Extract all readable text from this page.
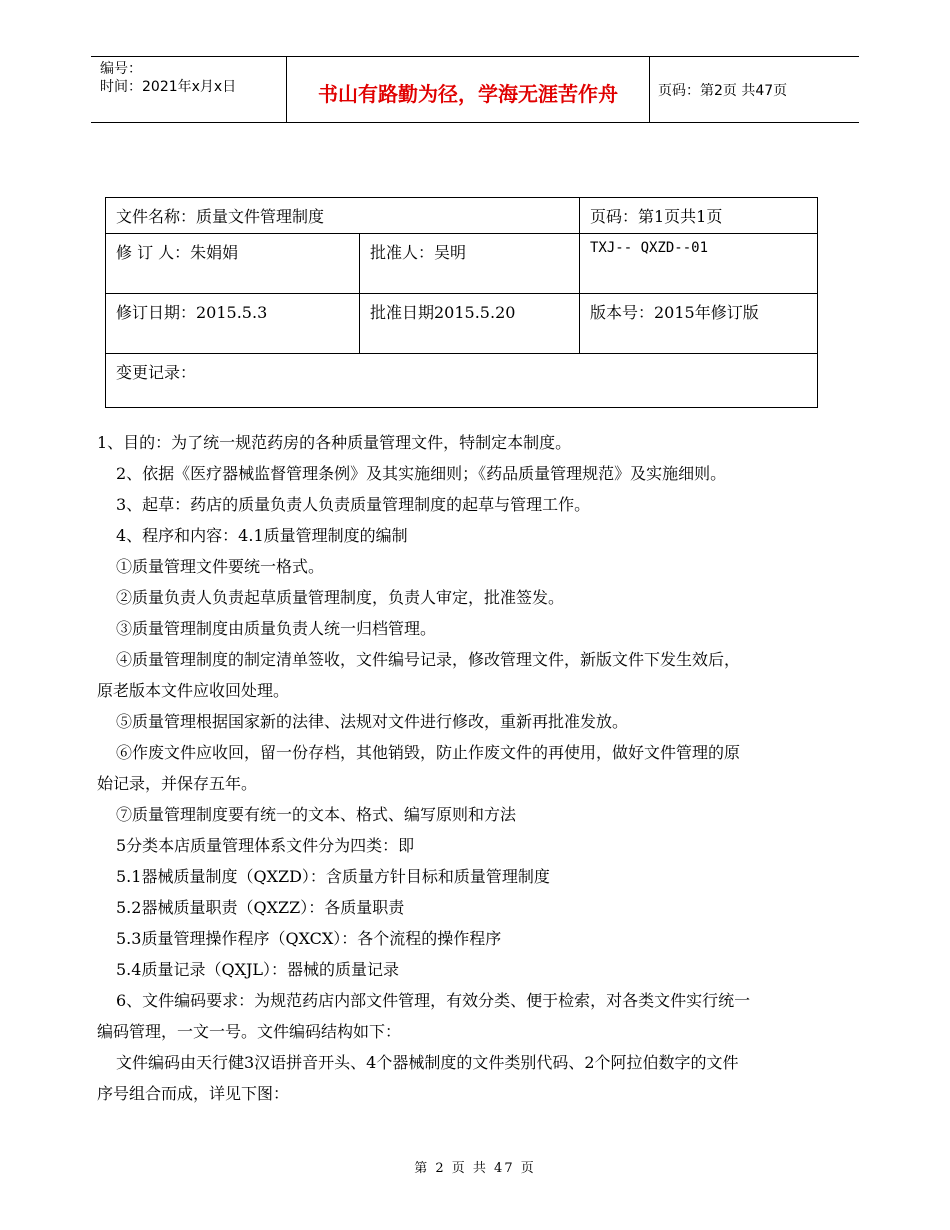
编号：
时间：2021年x月x日	书山有路勤为径，学海无涯苦作舟	页码：第2页 共47页
文件名称：质量文件管理制度		页码：第1页共1页
修 订 人：朱娟娟	批准人：吴明	TXJ-- QXZD--01
修订日期：2015.5.3	批准日期2015.5.20	版本号：2015年修订版
变更记录：		

1、目的：为了统一规范药房的各种质量管理文件，特制定本制度。

2、依据《医疗器械监督管理条例》及其实施细则；《药品质量管理规范》及实施细则。

3、起草：药店的质量负责人负责质量管理制度的起草与管理工作。

4、程序和内容：4.1质量管理制度的编制

①质量管理文件要统一格式。

②质量负责人负责起草质量管理制度，负责人审定，批准签发。

③质量管理制度由质量负责人统一归档管理。

④质量管理制度的制定清单签收，文件编号记录，修改管理文件，新版文件下发生效后，
原老版本文件应收回处理。

⑤质量管理根据国家新的法律、法规对文件进行修改，重新再批准发放。

⑥作废文件应收回，留一份存档，其他销毁，防止作废文件的再使用，做好文件管理的原
始记录，并保存五年。

⑦质量管理制度要有统一的文本、格式、编写原则和方法

5分类本店质量管理体系文件分为四类：即

5.1器械质量制度（QXZD）：含质量方针目标和质量管理制度

5.2器械质量职责（QXZZ）：各质量职责

5.3质量管理操作程序（QXCX）：各个流程的操作程序

5.4质量记录（QXJL）：器械的质量记录

6、文件编码要求：为规范药店内部文件管理，有效分类、便于检索，对各类文件实行统一
编码管理，一文一号。文件编码结构如下：

文件编码由天行健3汉语拼音开头、4个器械制度的文件类别代码、2个阿拉伯数字的文件
序号组合而成，详见下图：

第 2 页 共 47 页
